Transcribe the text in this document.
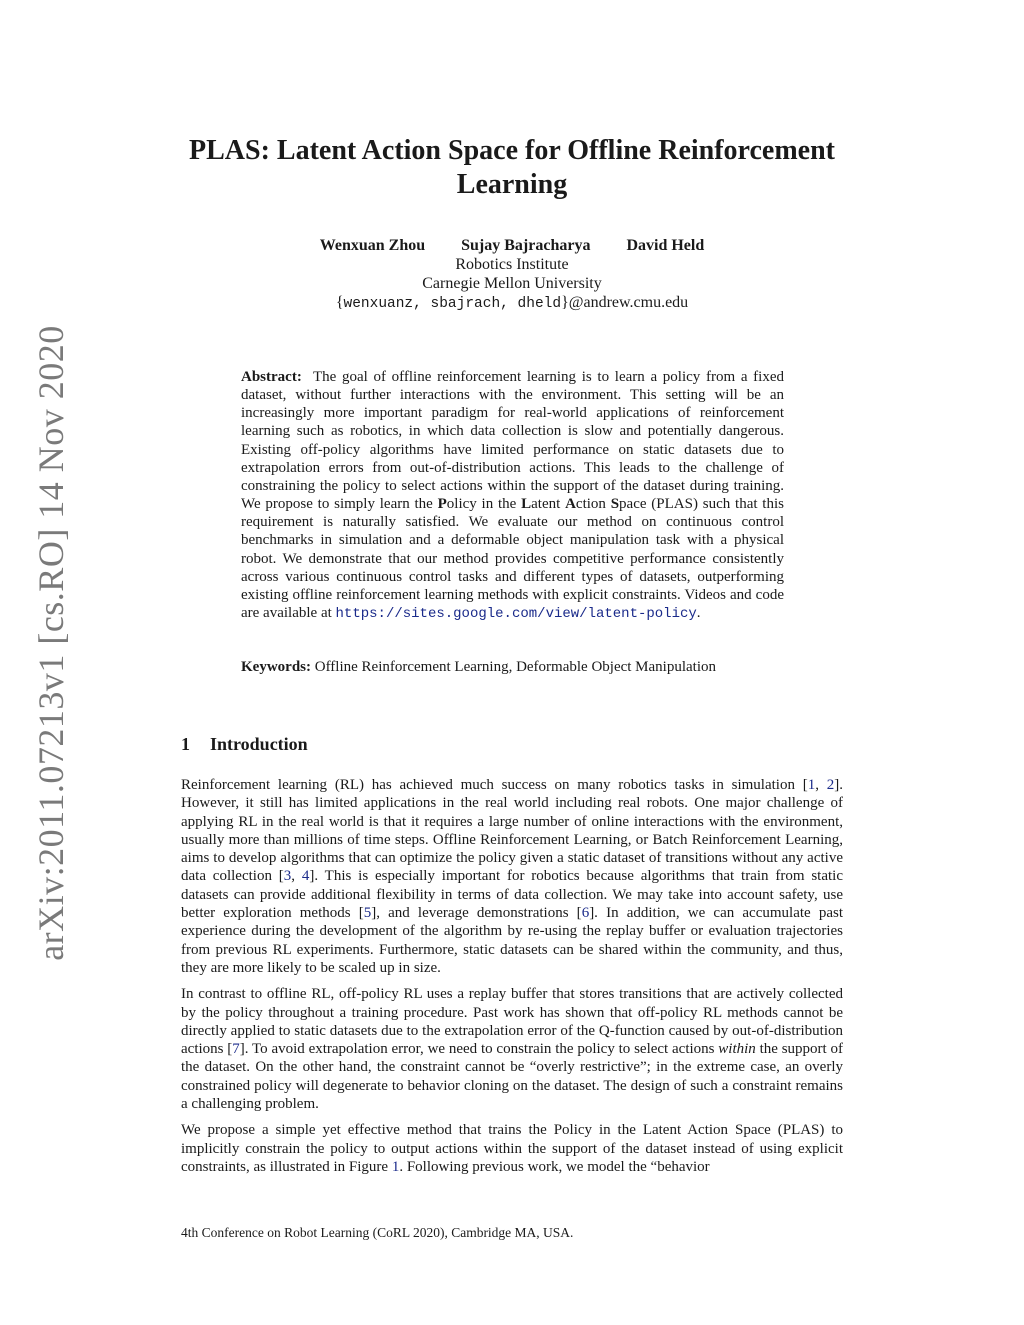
arXiv:2011.07213v1 [cs.RO] 14 Nov 2020
PLAS: Latent Action Space for Offline Reinforcement Learning
Wenxuan Zhou Sujay Bajracharya David Held
Robotics Institute
Carnegie Mellon University
{wenxuanz, sbajrach, dheld}@andrew.cmu.edu

Abstract: The goal of offline reinforcement learning is to learn a policy from a fixed dataset, without further interactions with the environment. This setting will be an increasingly more important paradigm for real-world applications of reinforcement learning such as robotics, in which data collection is slow and potentially dangerous. Existing off-policy algorithms have limited performance on static datasets due to extrapolation errors from out-of-distribution actions. This leads to the challenge of constraining the policy to select actions within the support of the dataset during training. We propose to simply learn the Policy in the Latent Action Space (PLAS) such that this requirement is naturally satisfied. We evaluate our method on continuous control benchmarks in simulation and a deformable object manipulation task with a physical robot. We demonstrate that our method provides competitive performance consistently across various continuous control tasks and different types of datasets, outperforming existing offline reinforcement learning methods with explicit constraints. Videos and code are available at https://sites.google.com/view/latent-policy.

Keywords: Offline Reinforcement Learning, Deformable Object Manipulation

1 Introduction

Reinforcement learning (RL) has achieved much success on many robotics tasks in simulation [1, 2]. However, it still has limited applications in the real world including real robots. One major challenge of applying RL in the real world is that it requires a large number of online interactions with the environment, usually more than millions of time steps. Offline Reinforcement Learning, or Batch Reinforcement Learning, aims to develop algorithms that can optimize the policy given a static dataset of transitions without any active data collection [3, 4]. This is especially important for robotics because algorithms that train from static datasets can provide additional flexibility in terms of data collection. We may take into account safety, use better exploration methods [5], and leverage demonstrations [6]. In addition, we can accumulate past experience during the development of the algorithm by re-using the replay buffer or evaluation trajectories from previous RL experiments. Furthermore, static datasets can be shared within the community, and thus, they are more likely to be scaled up in size.

In contrast to offline RL, off-policy RL uses a replay buffer that stores transitions that are actively collected by the policy throughout a training procedure. Past work has shown that off-policy RL methods cannot be directly applied to static datasets due to the extrapolation error of the Q-function caused by out-of-distribution actions [7]. To avoid extrapolation error, we need to constrain the policy to select actions within the support of the dataset. On the other hand, the constraint cannot be “overly restrictive”; in the extreme case, an overly constrained policy will degenerate to behavior cloning on the dataset. The design of such a constraint remains a challenging problem.

We propose a simple yet effective method that trains the Policy in the Latent Action Space (PLAS) to implicitly constrain the policy to output actions within the support of the dataset instead of using explicit constraints, as illustrated in Figure 1. Following previous work, we model the “behavior

4th Conference on Robot Learning (CoRL 2020), Cambridge MA, USA.
